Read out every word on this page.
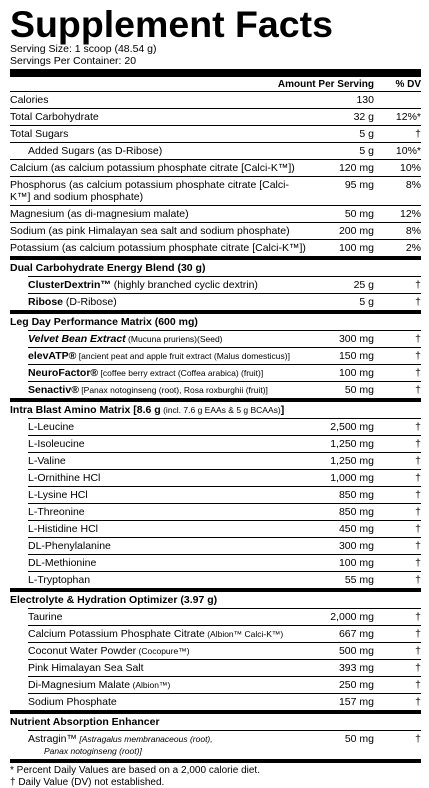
Supplement Facts
Serving Size: 1 scoop (48.54 g)
Servings Per Container: 20
Amount Per Serving % DV
Calories	130
Total Carbohydrate	32 g 12%*
Total Sugars	5 g	†
Added Sugars (as D-Ribose)	5 g 10%*
Calcium (as calcium potassium phosphate citrate [Calci-K™])	120 mg 10%
Phosphorus (as calcium potassium phosphate citrate [Calci-K™] and sodium phosphate)
95 mg	8%
Magnesium (as di-magnesium malate)	50 mg 12%
Sodium (as pink Himalayan sea salt and sodium phosphate)	200 mg	8%
Potassium (as calcium potassium phosphate citrate [Calci-K™])	100 mg	2%
Dual Carbohydrate Energy Blend (30 g)
ClusterDextrin™ (highly branched cyclic dextrin)	25 g	†
Ribose (D-Ribose)	5 g	†
Leg Day Performance Matrix (600 mg)
Velvet Bean Extract (Mucuna pruriens)(Seed)	300 mg	†
elevATP® [ancient peat and apple fruit extract (Malus domesticus)]	150 mg	†
NeuroFactor® [coffee berry extract (Coffea arabica) (fruit)]	100 mg	†
Senactiv® [Panax notoginseng (root), Rosa roxburghii (fruit)]	50 mg	†
Intra Blast Amino Matrix [8.6 g (incl. 7.6 g EAAs & 5 g BCAAs)]
L-Leucine	2,500 mg	†
L-Isoleucine	1,250 mg	†
L-Valine	1,250 mg	†
L-Ornithine HCl	1,000 mg	†
L-Lysine HCl	850 mg	†
L-Threonine	850 mg	†
L-Histidine HCl	450 mg	†
DL-Phenylalanine	300 mg	†
DL-Methionine	100 mg	†
L-Tryptophan	55 mg	†
Electrolyte & Hydration Optimizer (3.97 g)
Taurine	2,000 mg	†
Calcium Potassium Phosphate Citrate (Albion™ Calci-K™)	667 mg	†
Coconut Water Powder (Cocopure™)	500 mg	†
Pink Himalayan Sea Salt	393 mg	†
Di-Magnesium Malate (Albion™)	250 mg	†
Sodium Phosphate	157 mg	†
Nutrient Absorption Enhancer
Astragin™ [Astragalus membranaceous (root),
Panax notoginseng (root)]
50 mg	†
* Percent Daily Values are based on a 2,000 calorie diet.
† Daily Value (DV) not established.
